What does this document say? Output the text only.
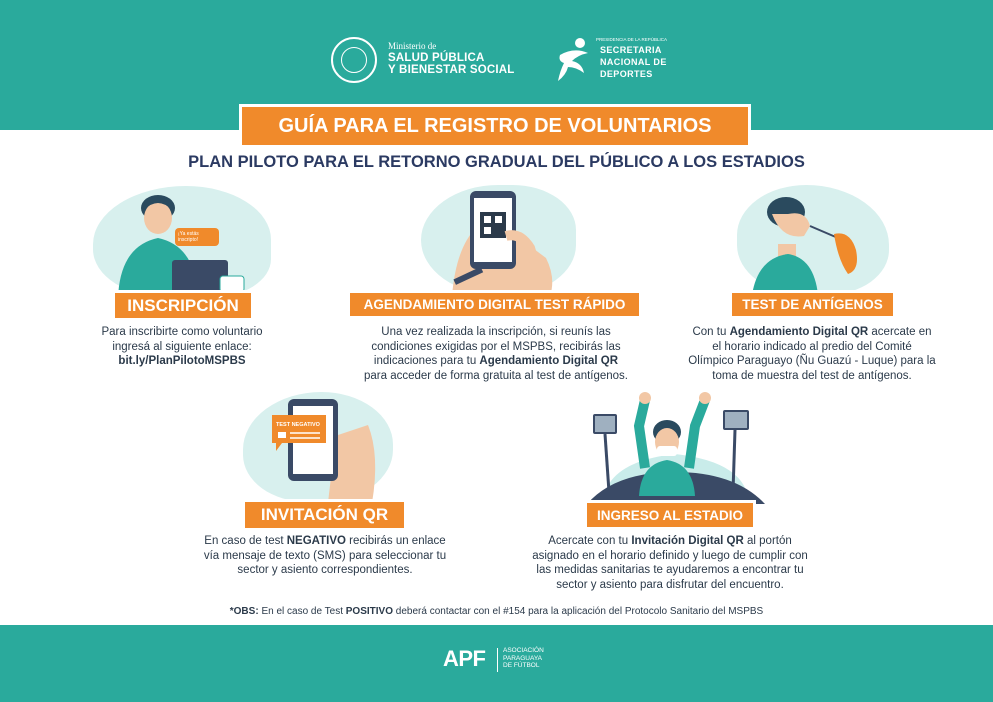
Ministerio de
SALUD PÚBLICA
Y BIENESTAR SOCIAL
PRESIDENCIA DE LA REPÚBLICA
SECRETARIA
NACIONAL DE
DEPORTES
GUÍA PARA EL REGISTRO DE VOLUNTARIOS
PLAN PILOTO PARA EL RETORNO GRADUAL DEL PÚBLICO A LOS ESTADIOS
¡Ya estás inscripto!
INSCRIPCIÓN
Para inscribirte como voluntario
ingresá al siguiente enlace:
bit.ly/PlanPilotoMSPBS
AGENDAMIENTO DIGITAL TEST RÁPIDO
Una vez realizada la inscripción, si reunís las
condiciones exigidas por el MSPBS, recibirás las
indicaciones para tu Agendamiento Digital QR
para acceder de forma gratuita al test de antígenos.
TEST DE ANTÍGENOS
Con tu Agendamiento Digital QR acercate en
el horario indicado al predio del Comité
Olímpico Paraguayo (Ñu Guazú - Luque) para la
toma de muestra del test de antígenos.
TEST NEGATIVO
INVITACIÓN QR
En caso de test NEGATIVO recibirás un enlace
vía mensaje de texto (SMS) para seleccionar tu
sector y asiento correspondientes.
INGRESO AL ESTADIO
Acercate con tu Invitación Digital QR al portón
asignado en el horario definido y luego de cumplir con
las medidas sanitarias te ayudaremos a encontrar tu
sector y asiento para disfrutar del encuentro.
*OBS: En el caso de Test POSITIVO deberá contactar con el #154 para la aplicación del Protocolo Sanitario del MSPBS
APF	ASOCIACIÓN
PARAGUAYA
DE FÚTBOL
